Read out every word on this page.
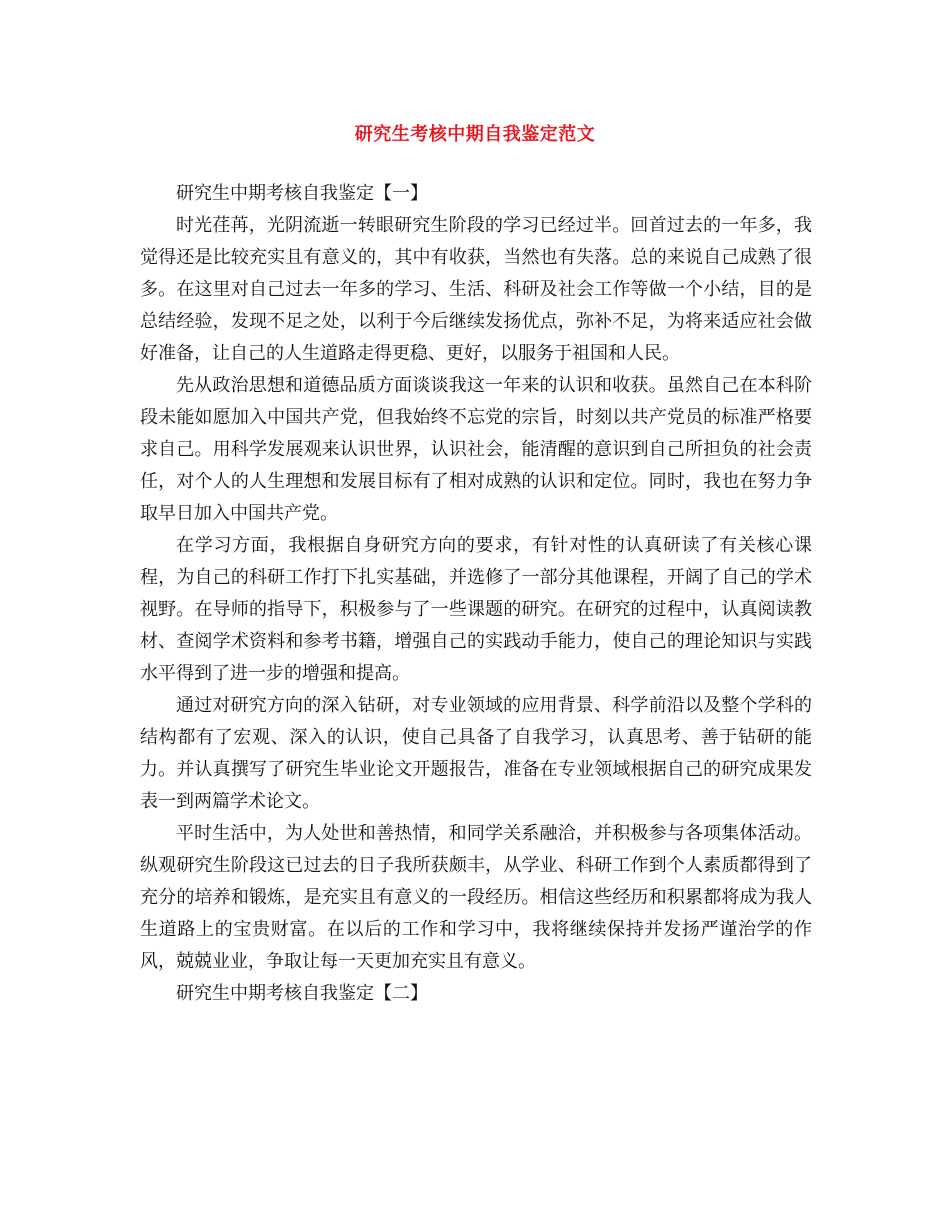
研究生考核中期自我鉴定范文

研究生中期考核自我鉴定【一】

时光荏苒，光阴流逝一转眼研究生阶段的学习已经过半。回首过去的一年多，我觉得还是比较充实且有意义的，其中有收获，当然也有失落。总的来说自己成熟了很多。在这里对自己过去一年多的学习、生活、科研及社会工作等做一个小结，目的是总结经验，发现不足之处，以利于今后继续发扬优点，弥补不足，为将来适应社会做好准备，让自己的人生道路走得更稳、更好，以服务于祖国和人民。

先从政治思想和道德品质方面谈谈我这一年来的认识和收获。虽然自己在本科阶段未能如愿加入中国共产党，但我始终不忘党的宗旨，时刻以共产党员的标准严格要求自己。用科学发展观来认识世界，认识社会，能清醒的意识到自己所担负的社会责任，对个人的人生理想和发展目标有了相对成熟的认识和定位。同时，我也在努力争取早日加入中国共产党。

在学习方面，我根据自身研究方向的要求，有针对性的认真研读了有关核心课程，为自己的科研工作打下扎实基础，并选修了一部分其他课程，开阔了自己的学术视野。在导师的指导下，积极参与了一些课题的研究。在研究的过程中，认真阅读教材、查阅学术资料和参考书籍，增强自己的实践动手能力，使自己的理论知识与实践水平得到了进一步的增强和提高。

通过对研究方向的深入钻研，对专业领域的应用背景、科学前沿以及整个学科的结构都有了宏观、深入的认识，使自己具备了自我学习，认真思考、善于钻研的能力。并认真撰写了研究生毕业论文开题报告，准备在专业领域根据自己的研究成果发表一到两篇学术论文。

平时生活中，为人处世和善热情，和同学关系融洽，并积极参与各项集体活动。纵观研究生阶段这已过去的日子我所获颇丰，从学业、科研工作到个人素质都得到了充分的培养和锻炼，是充实且有意义的一段经历。相信这些经历和积累都将成为我人生道路上的宝贵财富。在以后的工作和学习中，我将继续保持并发扬严谨治学的作风，兢兢业业，争取让每一天更加充实且有意义。

研究生中期考核自我鉴定【二】
